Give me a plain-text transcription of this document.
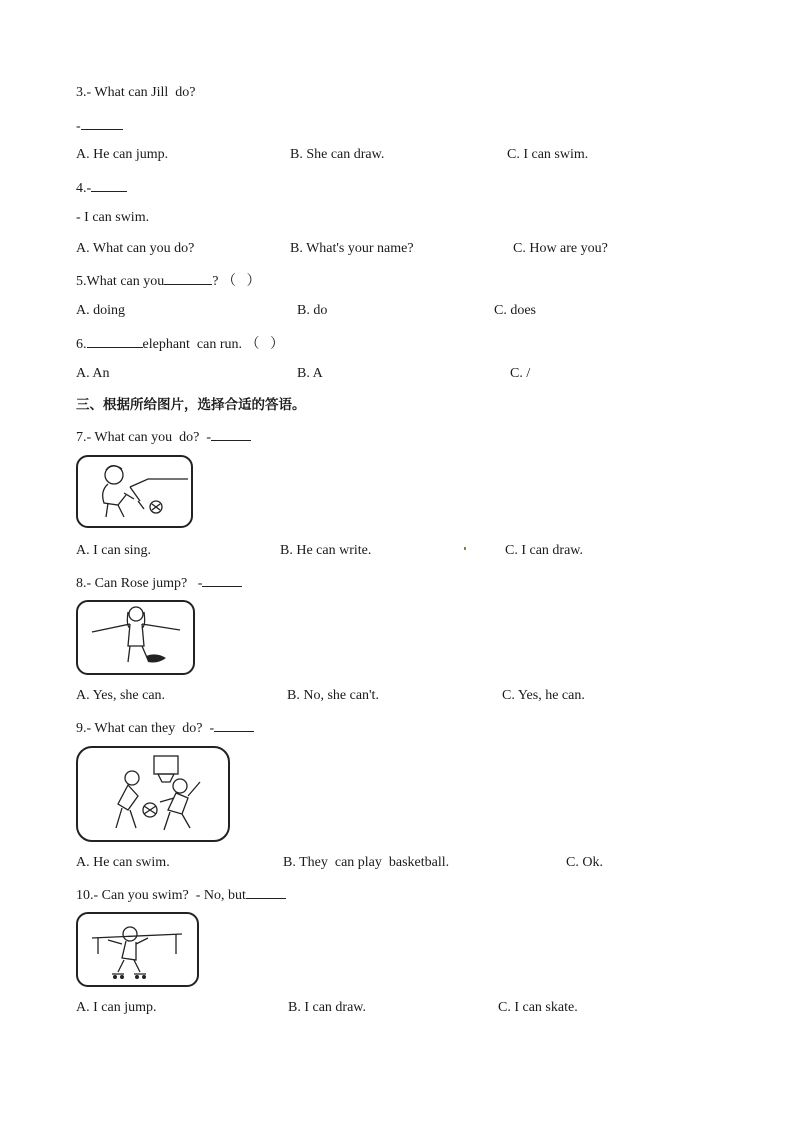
3.- What can Jill  do?
-
A. He can jump.	B. She can draw.	C. I can swim.
4.-
- I can swim.
A. What can you do?	B. What's your name?	C. How are you?
5.What can you	? （   ）
A. doing	B. do	C. does
6.	elephant  can run. （   ）
A. An	B. A	C. /
三、根据所给图片，选择合适的答语。
7.- What can you  do?  -
A. I can sing.	B. He can write.	C. I can draw.
8.- Can Rose jump?   -
A. Yes, she can.	B. No, she can't.	C. Yes, he can.
9.- What can they  do?  -
A. He can swim.	B. They  can play  basketball.	C. Ok.
10.- Can you swim?  - No, but
A. I can jump.	B. I can draw.	C. I can skate.
